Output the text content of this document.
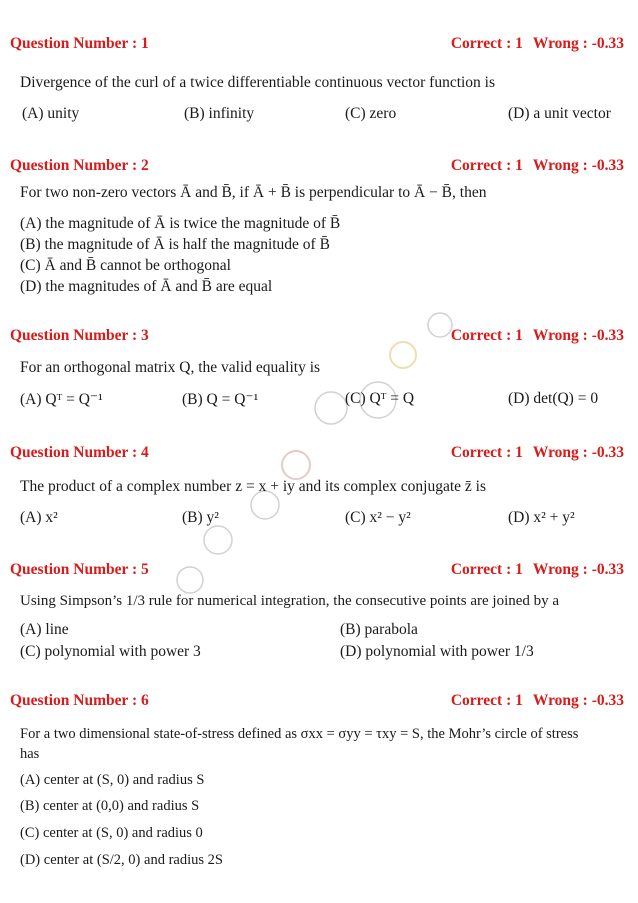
Question Number : 1	Correct : 1 Wrong : -0.33
Divergence of the curl of a twice differentiable continuous vector function is
(A) unity	(B) infinity	(C) zero	(D) a unit vector
Question Number : 2	Correct : 1 Wrong : -0.33
For two non-zero vectors Ā and B̄, if Ā + B̄ is perpendicular to Ā − B̄, then
(A) the magnitude of Ā is twice the magnitude of B̄
(B) the magnitude of Ā is half the magnitude of B̄
(C) Ā and B̄ cannot be orthogonal
(D) the magnitudes of Ā and B̄ are equal
Question Number : 3	Correct : 1 Wrong : -0.33
For an orthogonal matrix Q, the valid equality is
(A) Qᵀ = Q⁻¹	(B) Q = Q⁻¹	(C) Qᵀ = Q	(D) det(Q) = 0
Question Number : 4	Correct : 1 Wrong : -0.33
The product of a complex number z = x + iy and its complex conjugate z̄ is
(A) x²	(B) y²	(C) x² − y²	(D) x² + y²
Question Number : 5	Correct : 1 Wrong : -0.33
Using Simpson’s 1/3 rule for numerical integration, the consecutive points are joined by a
(A) line	(B) parabola
(C) polynomial with power 3	(D) polynomial with power 1/3
Question Number : 6	Correct : 1 Wrong : -0.33
For a two dimensional state-of-stress defined as σxx = σyy = τxy = S, the Mohr’s circle of stress
has
(A) center at (S, 0) and radius S
(B) center at (0,0) and radius S
(C) center at (S, 0) and radius 0
(D) center at (S/2, 0) and radius 2S
